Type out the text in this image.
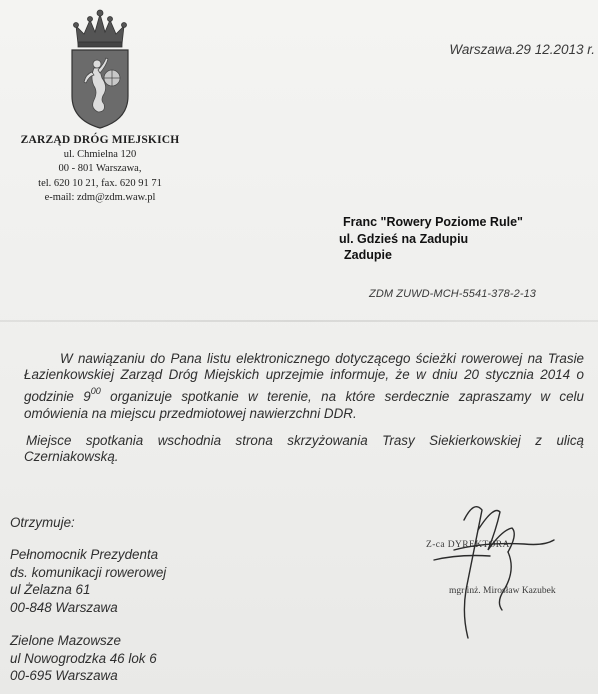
ZARZĄD DRÓG MIEJSKICH
ul. Chmielna 120
00 - 801 Warszawa,
tel. 620 10 21, fax. 620 91 71
e-mail: zdm@zdm.waw.pl
Warszawa.29 12.2013 r.
Franc "Rowery Poziome Rule"
ul. Gdzieś na Zadupiu
Zadupie
ZDM ZUWD-MCH-5541-378-2-13

W nawiązaniu do Pana listu elektronicznego dotyczącego ścieżki rowerowej na Trasie Łazienkowskiej Zarząd Dróg Miejskich uprzejmie informuje, że w dniu 20 stycznia 2014 o godzinie $9^{00}$ organizuje spotkanie w terenie, na które serdecznie zapraszamy w celu omówienia na miejscu przedmiotowej nawierzchni DDR.

Miejsce spotkania wschodnia strona skrzyżowania Trasy Siekierkowskiej z ulicą Czerniakowską.

Otrzymuje:
Pełnomocnik Prezydenta
ds. komunikacji rowerowej
ul Żelazna 61
00-848 Warszawa
Zielone Mazowsze
ul Nowogrodzka 46 lok 6
00-695 Warszawa
Z-ca DYREKTORA
mgr inż. Mirosław Kazubek
